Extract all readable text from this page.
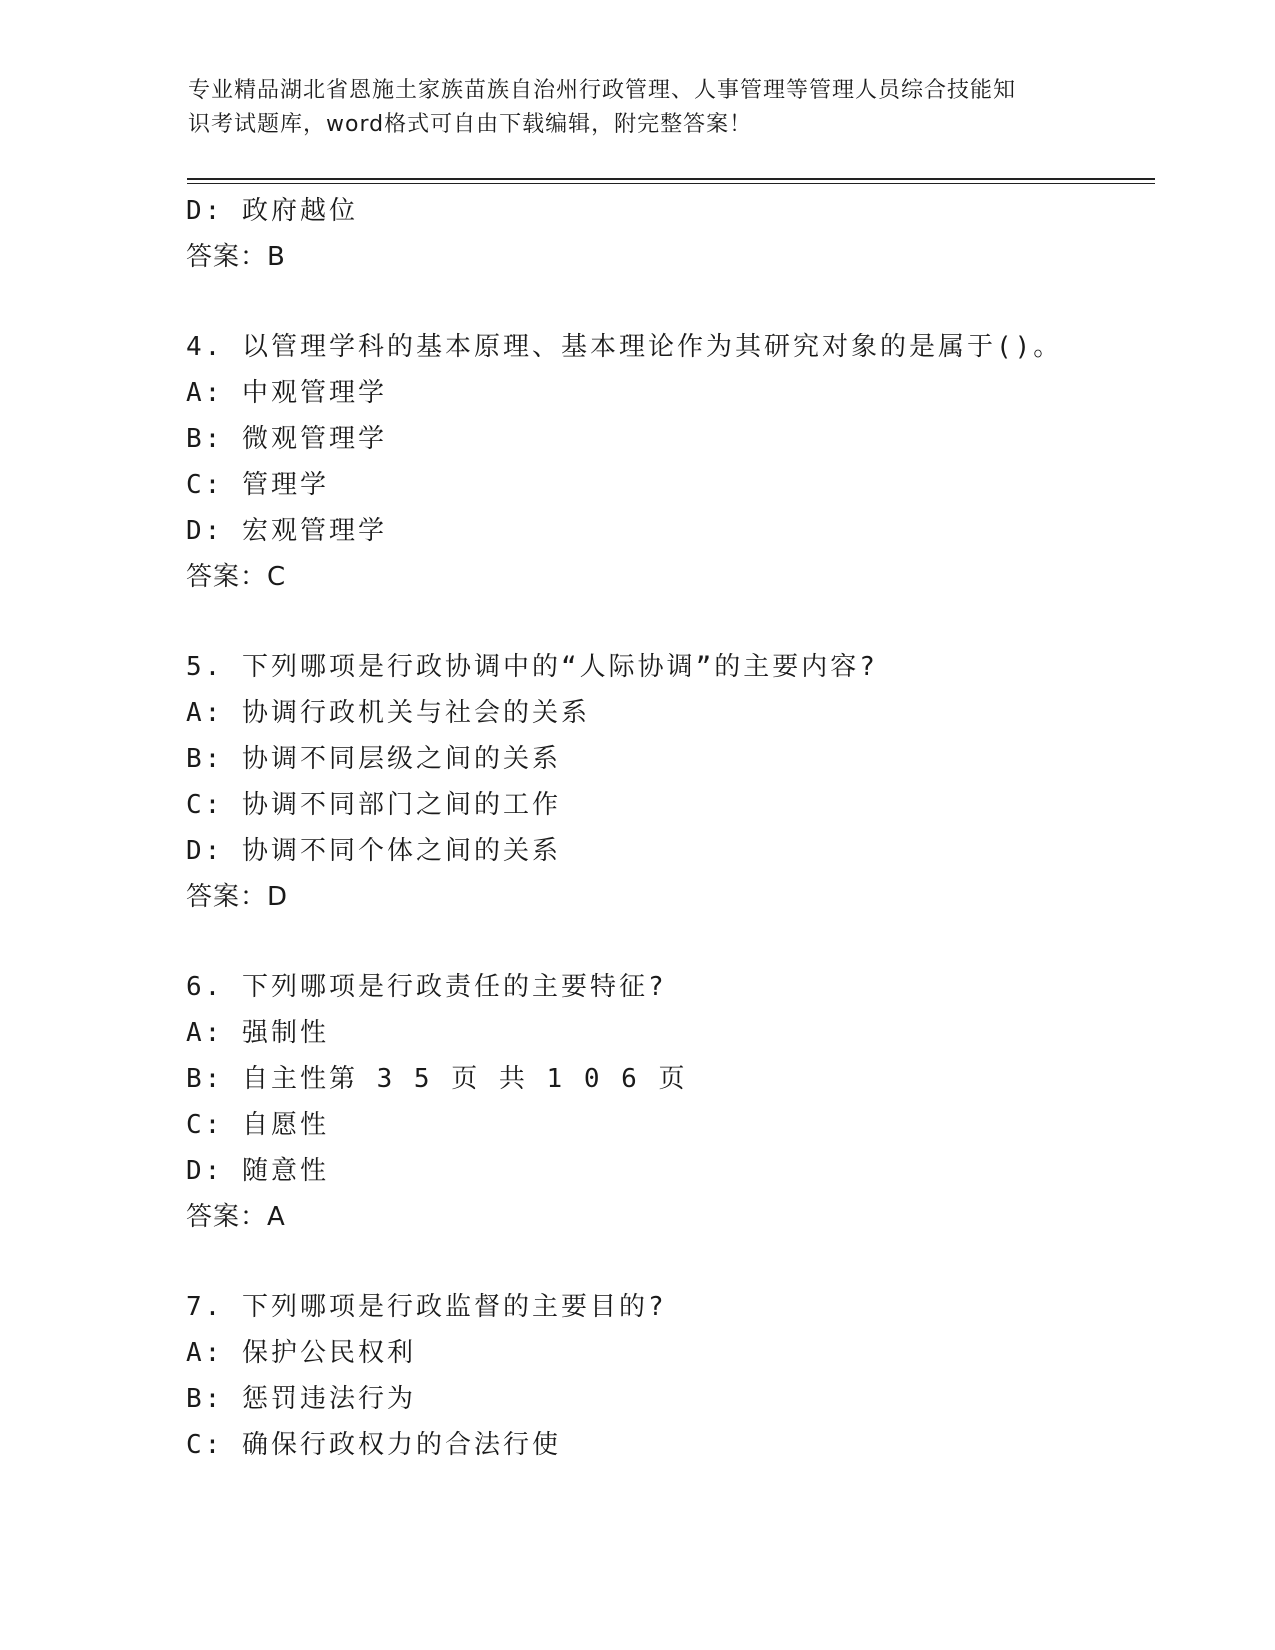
专业精品湖北省恩施土家族苗族自治州行政管理、人事管理等管理人员综合技能知
识考试题库，word格式可自由下载编辑，附完整答案！
D: 政府越位
答案：B
4. 以管理学科的基本原理、基本理论作为其研究对象的是属于()。
A: 中观管理学
B: 微观管理学
C: 管理学
D: 宏观管理学
答案：C
5. 下列哪项是行政协调中的“人际协调”的主要内容?
A: 协调行政机关与社会的关系
B: 协调不同层级之间的关系
C: 协调不同部门之间的工作
D: 协调不同个体之间的关系
答案：D
6. 下列哪项是行政责任的主要特征?
A: 强制性
B: 自主性第 3 5 页 共 1 0 6 页
C: 自愿性
D: 随意性
答案：A
7. 下列哪项是行政监督的主要目的?
A: 保护公民权利
B: 惩罚违法行为
C: 确保行政权力的合法行使
